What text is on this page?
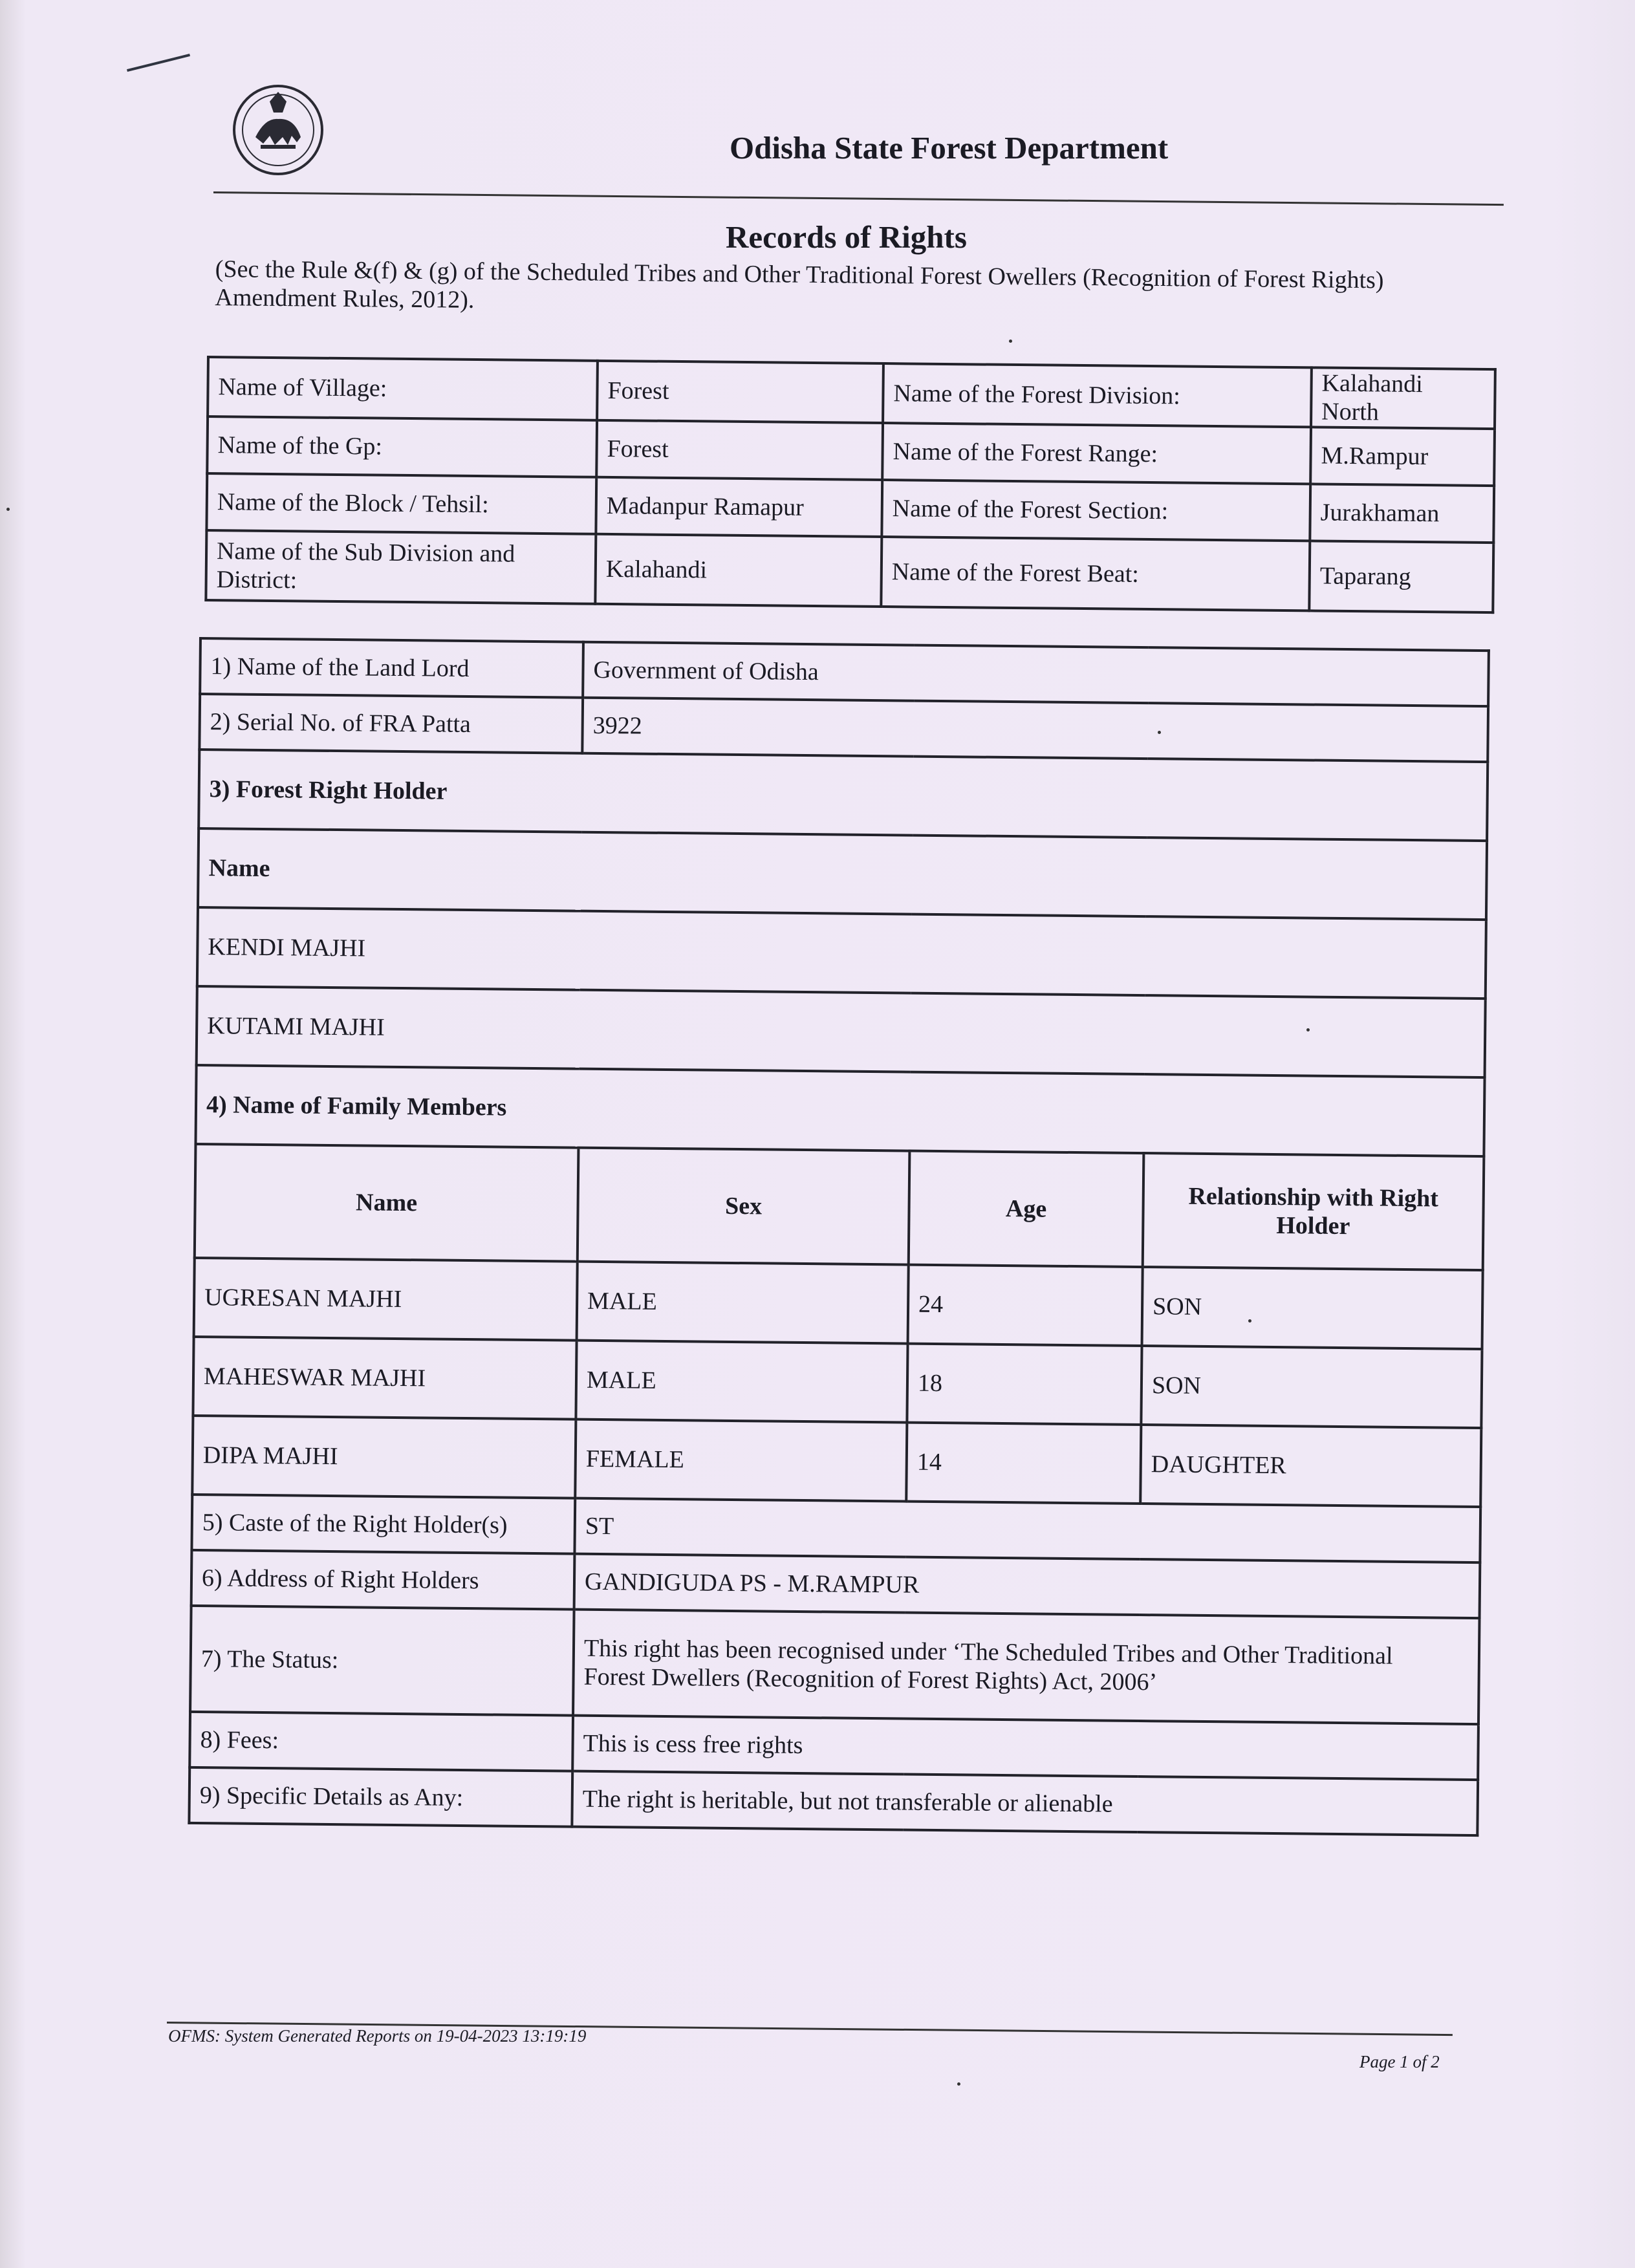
Odisha State Forest Department
Records of Rights
(Sec the Rule &(f) & (g) of the Scheduled Tribes and Other Traditional Forest Owellers (Recognition of Forest Rights) Amendment Rules, 2012).
Name of Village:	Forest	Name of the Forest Division:	Kalahandi North
Name of the Gp:	Forest	Name of the Forest Range:	M.Rampur
Name of the Block / Tehsil:	Madanpur Ramapur	Name of the Forest Section:	Jurakhaman
Name of the Sub Division and District:	Kalahandi	Name of the Forest Beat:	Taparang
1) Name of the Land Lord	Government of Odisha		
2) Serial No. of FRA Patta	3922		
3) Forest Right Holder			
Name			
KENDI MAJHI			
KUTAMI MAJHI			
4) Name of Family Members			
Name	Sex	Age	Relationship with Right Holder
UGRESAN MAJHI	MALE	24	SON
MAHESWAR MAJHI	MALE	18	SON
DIPA MAJHI	FEMALE	14	DAUGHTER
5) Caste of the Right Holder(s)	ST		
6) Address of Right Holders	GANDIGUDA PS - M.RAMPUR		
7) The Status:	This right has been recognised under ‘The Scheduled Tribes and Other Traditional
Forest Dwellers (Recognition of Forest Rights) Act, 2006’		

8) Fees:	This is cess free rights		
9) Specific Details as Any:	The right is heritable, but not transferable or alienable		
OFMS: System Generated Reports on 19-04-2023 13:19:19
Page 1 of 2
